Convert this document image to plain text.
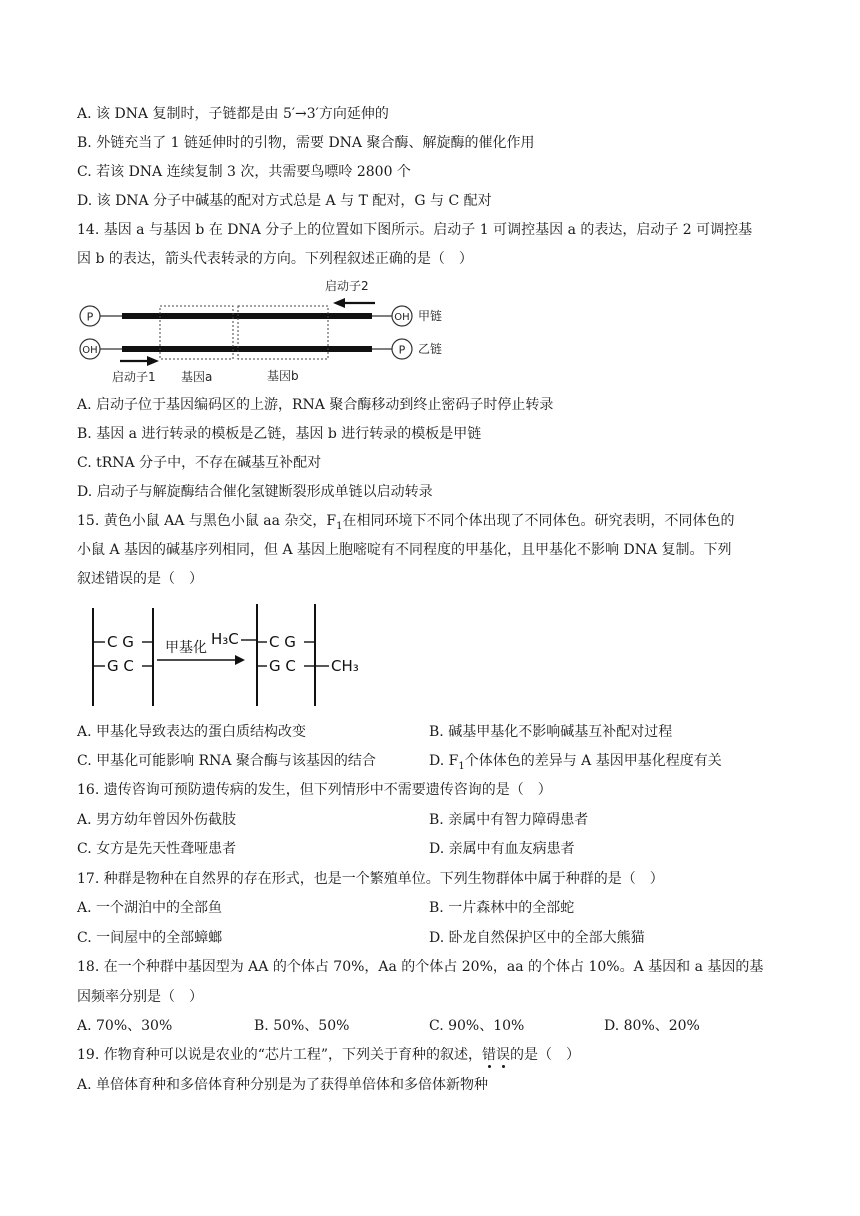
A. 该 DNA 复制时，子链都是由 5′→3′方向延伸的
B. 外链充当了 1 链延伸时的引物，需要 DNA 聚合酶、解旋酶的催化作用
C. 若该 DNA 连续复制 3 次，共需要鸟嘌呤 2800 个
D. 该 DNA 分子中碱基的配对方式总是 A 与 T 配对，G 与 C 配对
14. 基因 a 与基因 b 在 DNA 分子上的位置如下图所示。启动子 1 可调控基因 a 的表达，启动子 2 可调控基
因 b 的表达，箭头代表转录的方向。下列程叙述正确的是（　）
P	OH 甲链
OH	P 乙链
启动子2
启动子1 基因a	基因b
A. 启动子位于基因编码区的上游，RNA 聚合酶移动到终止密码子时停止转录
B. 基因 a 进行转录的模板是乙链，基因 b 进行转录的模板是甲链
C. tRNA 分子中，不存在碱基互补配对
D. 启动子与解旋酶结合催化氢键断裂形成单链以启动转录
15. 黄色小鼠 AA 与黑色小鼠 aa 杂交，$F_1$在相同环境下不同个体出现了不同体色。研究表明，不同体色的
小鼠 A 基因的碱基序列相同，但 A 基因上胞嘧啶有不同程度的甲基化，且甲基化不影响 DNA 复制。下列
叙述错误的是（　）
C G
G C
甲基化 H₃C C G
G C CH₃
A. 甲基化导致表达的蛋白质结构改变	B. 碱基甲基化不影响碱基互补配对过程
C. 甲基化可能影响 RNA 聚合酶与该基因的结合	D. $F_1$个体体色的差异与 A 基因甲基化程度有关
16. 遗传咨询可预防遗传病的发生，但下列情形中不需要遗传咨询的是（　）
A. 男方幼年曾因外伤截肢	B. 亲属中有智力障碍患者
C. 女方是先天性聋哑患者	D. 亲属中有血友病患者
17. 种群是物种在自然界的存在形式，也是一个繁殖单位。下列生物群体中属于种群的是（　）
A. 一个湖泊中的全部鱼	B. 一片森林中的全部蛇
C. 一间屋中的全部蟑螂	D. 卧龙自然保护区中的全部大熊猫
18. 在一个种群中基因型为 AA 的个体占 70%，Aa 的个体占 20%，aa 的个体占 10%。A 基因和 a 基因的基
因频率分别是（　）
A. 70%、30%	B. 50%、50%	C. 90%、10%	D. 80%、20%
19. 作物育种可以说是农业的“芯片工程”，下列关于育种的叙述，错误的是（　）
A. 单倍体育种和多倍体育种分别是为了获得单倍体和多倍体新物种
